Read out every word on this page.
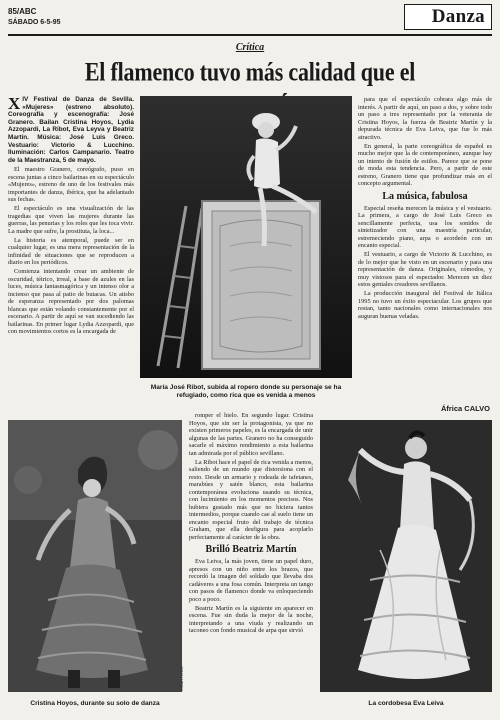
85/ABC
SÁBADO 6-5-95	Danza
Crítica
El flamenco tuvo más calidad que el

XIV Festival de Danza de Sevilla. «Mujeres» (estreno absoluto). Coreografía y escenografía: José Granero. Bailan Cristina Hoyos, Lydia Azzopardi, La Ribot, Eva Leyva y Beatriz Martín. Música: José Luis Greco. Vestuario: Victorio & Lucchino. Iluminación: Carlos Campanario. Teatro de la Maestranza, 5 de mayo.

El maestro Granero, coreógrafo, puso en escena juntas a cinco bailarinas en su espectáculo «Mujeres», estreno de uno de los festivales más importantes de danza, ibérica, que ha adelantado sus fechas.

El espectáculo es una visualización de las tragedias que viven las mujeres durante las guerras, las penurias y los roles que les toca vivir. La madre que sufre, la prostituta, la loca...

La historia es atemporal, puede ser en cualquier lugar, es una mera representación de la infinidad de situaciones que se reproducen a diario en los periódicos.

Comienza intentando crear un ambiente de oscuridad, tétrico, irreal, a base de azules en las luces, música fantasmagórica y un intenso olor a incienso que pasa al patio de butacas. Un atisbo de esperanza representado por dos palomas blancas que están volando constantemente por el escenario. A partir de aquí se van sucediendo las bailarinas. En primer lugar Lydia Azzopardi, que con movimientos cortos es la encargada de

María José Ribot, subida al ropero donde su personaje se ha refugiado, como rica que es venida a menos

para que el espectáculo cobrara algo más de interés. A partir de aquí, un paso a dos, y sobre todo un paso a tres representado por la veterania de Cristina Hoyos, la fuerza de Beatriz Martín y la depurada técnica de Eva Leiva, que fue lo más atractivo.

En general, la parte coreográfica de español es mucho mejor que la de contemporáneo, aunque hay un intento de fusión de estilos. Parece que se pone de moda esta tendencia. Pero, a partir de este estreno, Granero tiene que profundizar más en el concepto argumental.

La música, fabulosa

Especial reseña merecen la música y el vestuario. La primera, a cargo de José Luis Greco es sencillamente perfecta, usa los sonidos de sintetizador con una maestría particular, estremeciendo piano, arpa o acordeón con un encanto especial.

El vestuario, a cargo de Victorio & Lucchino, es de lo mejor que he visto en un escenario y para una representación de danza. Originales, cómodos, y muy vistosos para el espectador. Merecen un diez estos geniales creadores sevillanos.

La producción inaugural del Festival de Itálica 1995 no tuvo un éxito espectacular. Los grupos que restan, tanto nacionales como internacionales nos auguran buenas veladas.

romper el hielo. En segundo lugar. Cristina Hoyos, que sin ser la protagonista, ya que no existen primeros papeles, es la encargada de unir algunas de las partes. Granero no ha conseguido sacarle el máximo rendimiento a esta bailarina tan admirada por el público sevillano.

La Ribot hace el papel de rica venida a menos, saliendo de un mundo que distorsiona con el resto. Desde un armario y rodeada de tafetanes, marabúes y satén blanco, esta bailarina contemporánea evoluciona usando su técnica, con lucimiento en los momentos precisos. Nos hubiera gustado más que no hiciera tantos intermedios, porque cuando cae al suelo tiene un encanto especial fruto del trabajo de técnica Graham, que ella desfigura para acoplarlo perfectamente al carácter de la obra.

Brilló Beatriz Martín

Eva Leiva, la más joven, tiene un papel duro, apresos con un niño entre los brazos, que recordó la imagen del soldado que llevaba dos cadáveres a una fosa común. Interpreta un tango con pasos de flamenco donde va enloqueciendo poco a poco.

Beatriz Martín es la siguiente en aparecer en escena. Fue sin duda la mejor de la noche, interpretando a una viuda y realizando un taconeo con fondo musical de arpa que sirvió

Millán Herce
Cristina Hoyos, durante su solo de danza	La cordobesa Eva Leiva
África CALVO
